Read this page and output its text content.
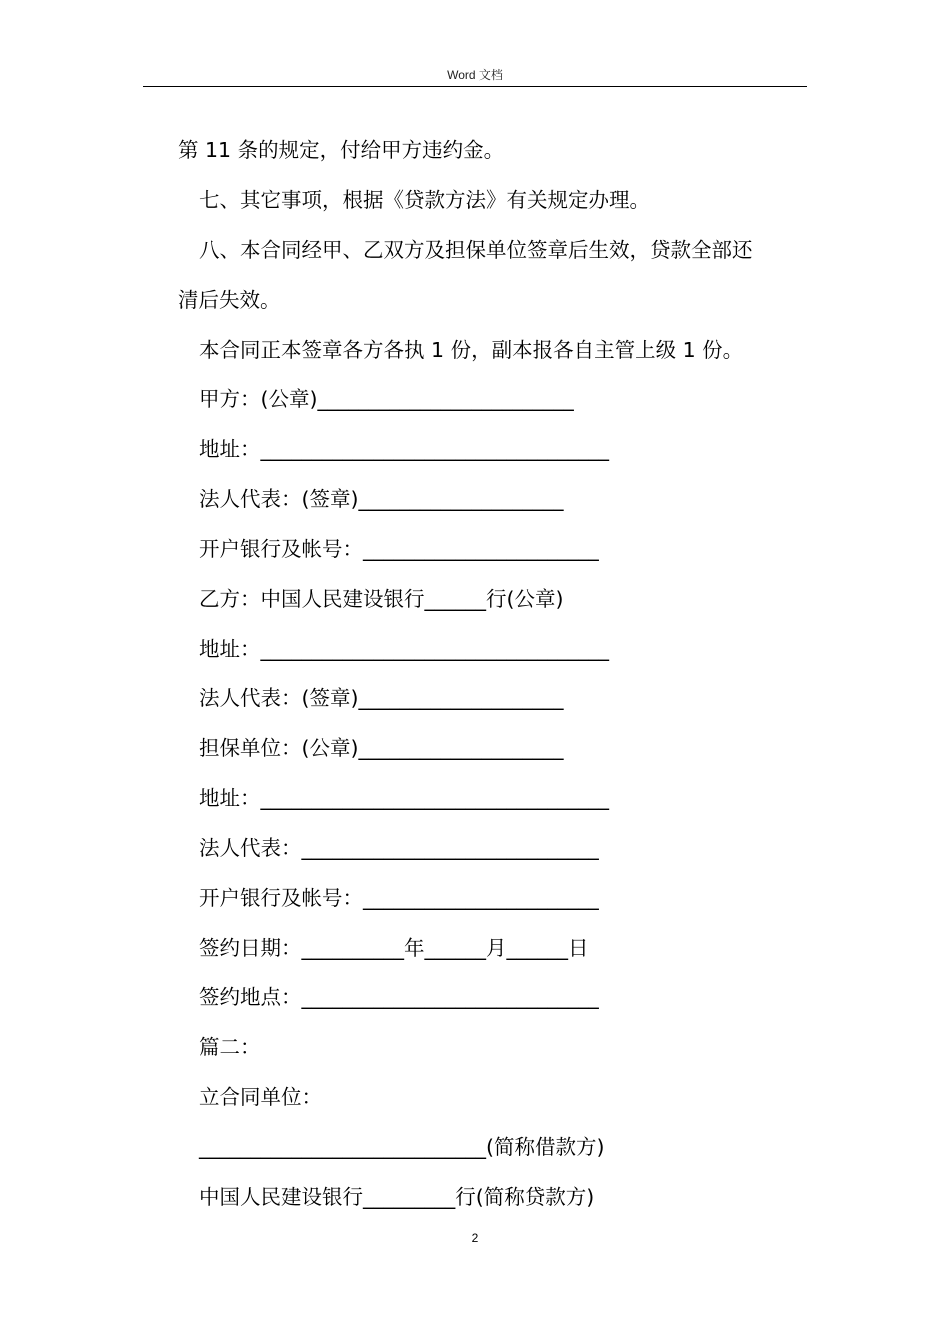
Word 文档
第 11 条的规定，付给甲方违约金。
七、其它事项，根据《贷款方法》有关规定办理。
八、本合同经甲、乙双方及担保单位签章后生效，贷款全部还
清后失效。
本合同正本签章各方各执 1 份，副本报各自主管上级 1 份。
甲方：(公章)_________________________
地址：__________________________________
法人代表：(签章)____________________
开户银行及帐号：_______________________
乙方：中国人民建设银行______行(公章)
地址：__________________________________
法人代表：(签章)____________________
担保单位：(公章)____________________
地址：__________________________________
法人代表：_____________________________
开户银行及帐号：_______________________
签约日期：__________年______月______日
签约地点：_____________________________
篇二：
立合同单位：
____________________________(简称借款方)
中国人民建设银行_________行(简称贷款方)
2
